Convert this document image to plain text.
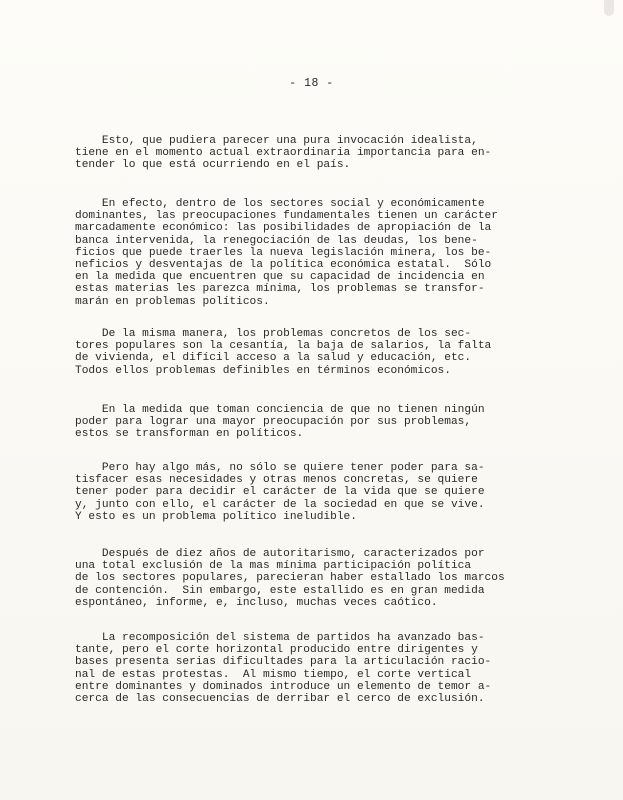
- 18 -
Esto, que pudiera parecer una pura invocación idealista,
tiene en el momento actual extraordinaria importancia para en-
tender lo que está ocurriendo en el país.
En efecto, dentro de los sectores social y económicamente
dominantes, las preocupaciones fundamentales tienen un carácter
marcadamente económico: las posibilidades de apropiación de la
banca intervenida, la renegociación de las deudas, los bene-
ficios que puede traerles la nueva legislación minera, los be-
neficios y desventajas de la política económica estatal.  Sólo
en la medida que encuentren que su capacidad de incidencia en
estas materias les parezca mínima, los problemas se transfor-
marán en problemas políticos.
De la misma manera, los problemas concretos de los sec-
tores populares son la cesantía, la baja de salarios, la falta
de vivienda, el difícil acceso a la salud y educación, etc.
Todos ellos problemas definibles en términos económicos.
En la medida que toman conciencia de que no tienen ningún
poder para lograr una mayor preocupación por sus problemas,
estos se transforman en políticos.
Pero hay algo más, no sólo se quiere tener poder para sa-
tisfacer esas necesidades y otras menos concretas, se quiere
tener poder para decidir el carácter de la vida que se quiere
y, junto con ello, el carácter de la sociedad en que se vive.
Y esto es un problema político ineludible.
Después de diez años de autoritarismo, caracterizados por
una total exclusión de la mas mínima participación política
de los sectores populares, parecieran haber estallado los marcos
de contención.  Sin embargo, este estallido es en gran medida
espontáneo, informe, e, incluso, muchas veces caótico.
La recomposición del sistema de partidos ha avanzado bas-
tante, pero el corte horizontal producido entre dirigentes y
bases presenta serias dificultades para la articulación racio-
nal de estas protestas.  Al mismo tiempo, el corte vertical
entre dominantes y dominados introduce un elemento de temor a-
cerca de las consecuencias de derribar el cerco de exclusión.
